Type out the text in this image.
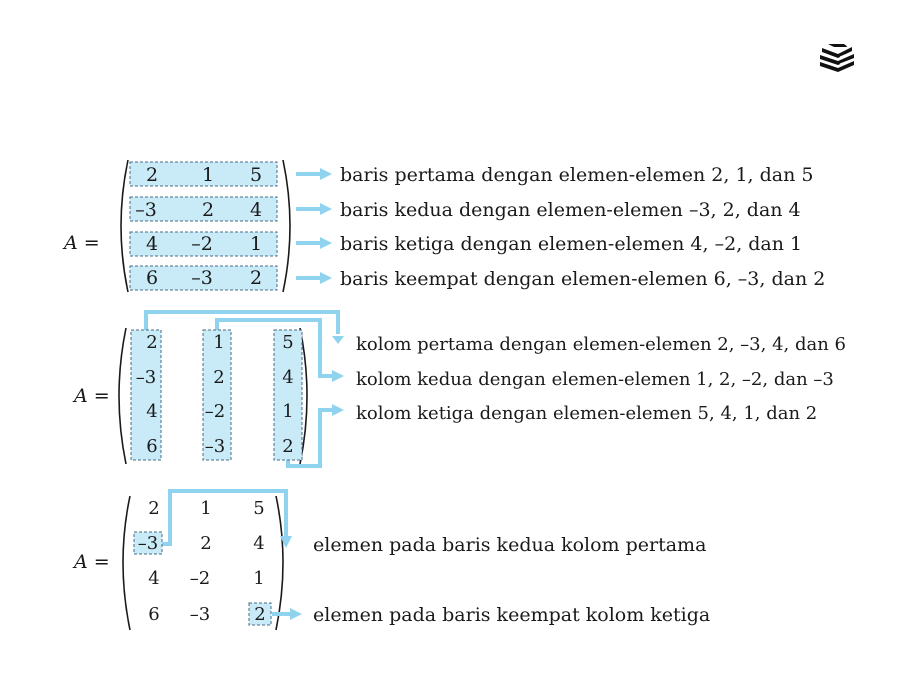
A =
2 1 5
–3 2 4
4 –2 1
6 –3 2
baris pertama dengan elemen-elemen 2, 1, dan 5
baris kedua dengan elemen-elemen –3, 2, dan 4
baris ketiga dengan elemen-elemen 4, –2, dan 1
baris keempat dengan elemen-elemen 6, –3, dan 2
A =
2	1	5
–3	2	4
4	–2	1
6	–3	2
kolom pertama dengan elemen-elemen 2, –3, 4, dan 6
kolom kedua dengan elemen-elemen 1, 2, –2, dan –3
kolom ketiga dengan elemen-elemen 5, 4, 1, dan 2
A =
2 1 5
–3 2 4
4 –2 1
6 –3 2
elemen pada baris kedua kolom pertama
elemen pada baris keempat kolom ketiga
